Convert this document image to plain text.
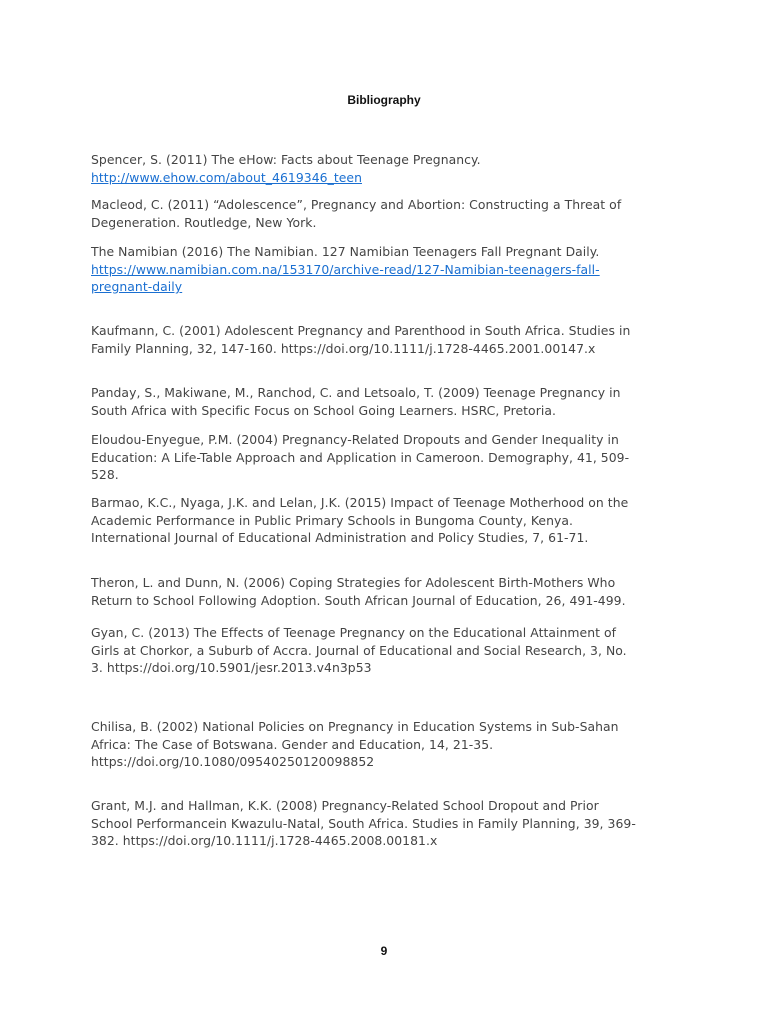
Bibliography
Spencer, S. (2011) The eHow: Facts about Teenage Pregnancy.
http://www.ehow.com/about_4619346_teen
Macleod, C. (2011) “Adolescence”, Pregnancy and Abortion: Constructing a Threat of
Degeneration. Routledge, New York.
The Namibian (2016) The Namibian. 127 Namibian Teenagers Fall Pregnant Daily.
https://www.namibian.com.na/153170/archive-read/127-Namibian-teenagers-fall-
pregnant-daily
Kaufmann, C. (2001) Adolescent Pregnancy and Parenthood in South Africa. Studies in
Family Planning, 32, 147-160. https://doi.org/10.1111/j.1728-4465.2001.00147.x
Panday, S., Makiwane, M., Ranchod, C. and Letsoalo, T. (2009) Teenage Pregnancy in
South Africa with Specific Focus on School Going Learners. HSRC, Pretoria.
Eloudou-Enyegue, P.M. (2004) Pregnancy-Related Dropouts and Gender Inequality in
Education: A Life-Table Approach and Application in Cameroon. Demography, 41, 509-
528.
Barmao, K.C., Nyaga, J.K. and Lelan, J.K. (2015) Impact of Teenage Motherhood on the
Academic Performance in Public Primary Schools in Bungoma County, Kenya.
International Journal of Educational Administration and Policy Studies, 7, 61-71.
Theron, L. and Dunn, N. (2006) Coping Strategies for Adolescent Birth-Mothers Who
Return to School Following Adoption. South African Journal of Education, 26, 491-499.
Gyan, C. (2013) The Effects of Teenage Pregnancy on the Educational Attainment of
Girls at Chorkor, a Suburb of Accra. Journal of Educational and Social Research, 3, No.
3. https://doi.org/10.5901/jesr.2013.v4n3p53
Chilisa, B. (2002) National Policies on Pregnancy in Education Systems in Sub-Sahan
Africa: The Case of Botswana. Gender and Education, 14, 21-35.
https://doi.org/10.1080/09540250120098852
Grant, M.J. and Hallman, K.K. (2008) Pregnancy-Related School Dropout and Prior
School Performancein Kwazulu-Natal, South Africa. Studies in Family Planning, 39, 369-
382. https://doi.org/10.1111/j.1728-4465.2008.00181.x
9
